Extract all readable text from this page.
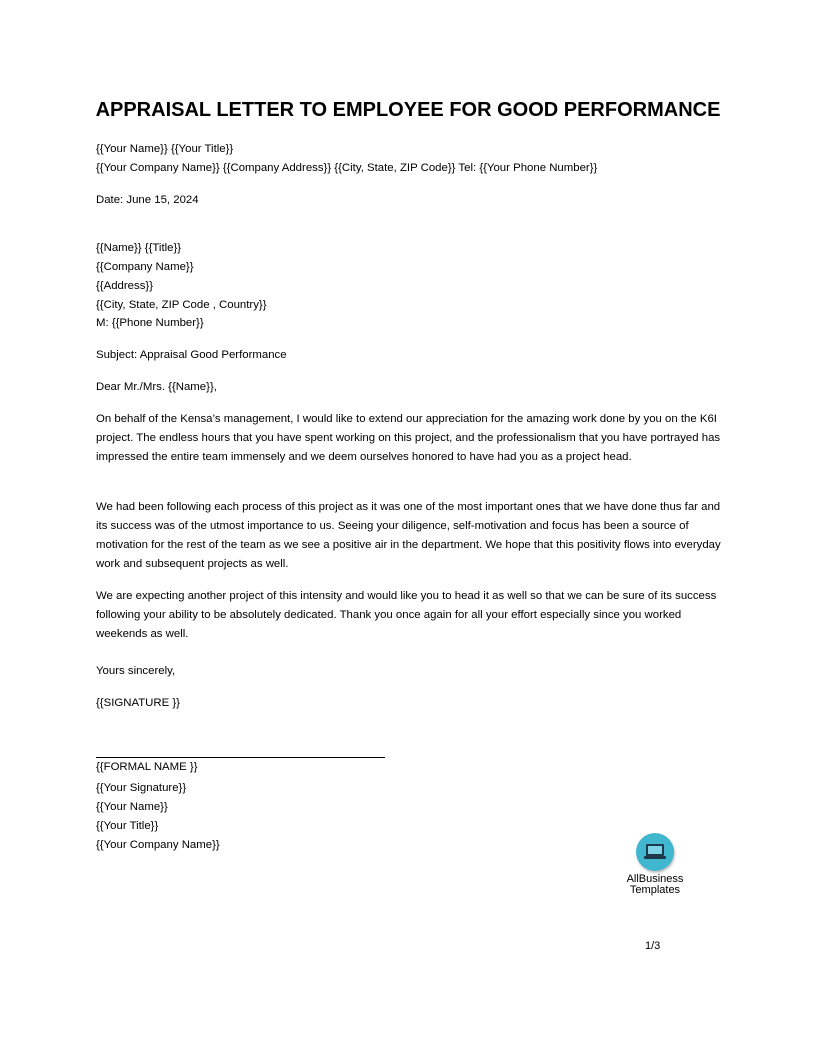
APPRAISAL LETTER TO EMPLOYEE FOR GOOD PERFORMANCE
{{Your Name}} {{Your Title}}
{{Your Company Name}} {{Company Address}} {{City, State, ZIP Code}} Tel: {{Your Phone Number}}
Date: June 15, 2024
{{Name}} {{Title}}
{{Company Name}}
{{Address}}
{{City, State, ZIP Code , Country}}
M: {{Phone Number}}
Subject: Appraisal Good Performance
Dear Mr./Mrs. {{Name}},
On behalf of the Kensa’s management, I would like to extend our appreciation for the amazing work done by you on the K6I project. The endless hours that you have spent working on this project, and the professionalism that you have portrayed has impressed the entire team immensely and we deem ourselves honored to have had you as a project head.
We had been following each process of this project as it was one of the most important ones that we have done thus far and its success was of the utmost importance to us. Seeing your diligence, self-motivation and focus has been a source of motivation for the rest of the team as we see a positive air in the department. We hope that this positivity flows into everyday work and subsequent projects as well.
We are expecting another project of this intensity and would like you to head it as well so that we can be sure of its success following your ability to be absolutely dedicated. Thank you once again for all your effort especially since you worked weekends as well.
Yours sincerely,
{{SIGNATURE }}
{{FORMAL NAME }}
{{Your Signature}}
{{Your Name}}
{{Your Title}}
{{Your Company Name}}
AllBusiness
Templates
1/3
